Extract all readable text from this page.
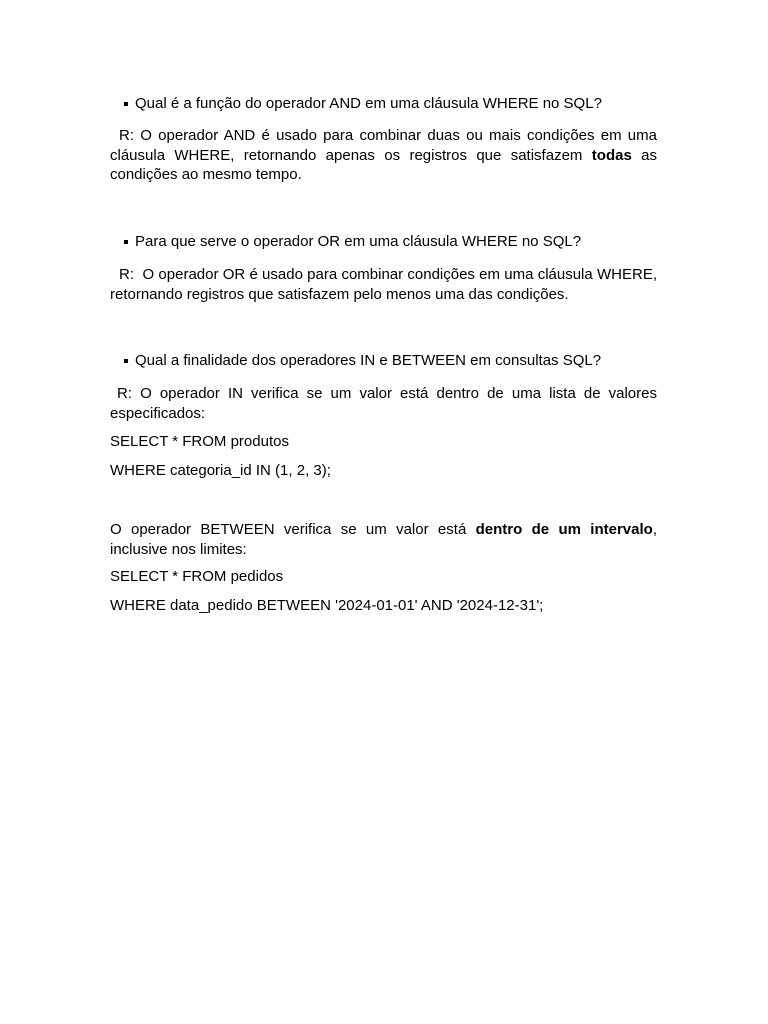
Qual é a função do operador AND em uma cláusula WHERE no SQL?

R: O operador AND é usado para combinar duas ou mais condições em uma cláusula WHERE, retornando apenas os registros que satisfazem todas as condições ao mesmo tempo.

Para que serve o operador OR em uma cláusula WHERE no SQL?

R:  O operador OR é usado para combinar condições em uma cláusula WHERE, retornando registros que satisfazem pelo menos uma das condições.

Qual a finalidade dos operadores IN e BETWEEN em consultas SQL?

R: O operador IN verifica se um valor está dentro de uma lista de valores especificados:

SELECT * FROM produtos

WHERE categoria_id IN (1, 2, 3);

O operador BETWEEN verifica se um valor está dentro de um intervalo, inclusive nos limites:

SELECT * FROM pedidos

WHERE data_pedido BETWEEN '2024-01-01' AND '2024-12-31';
